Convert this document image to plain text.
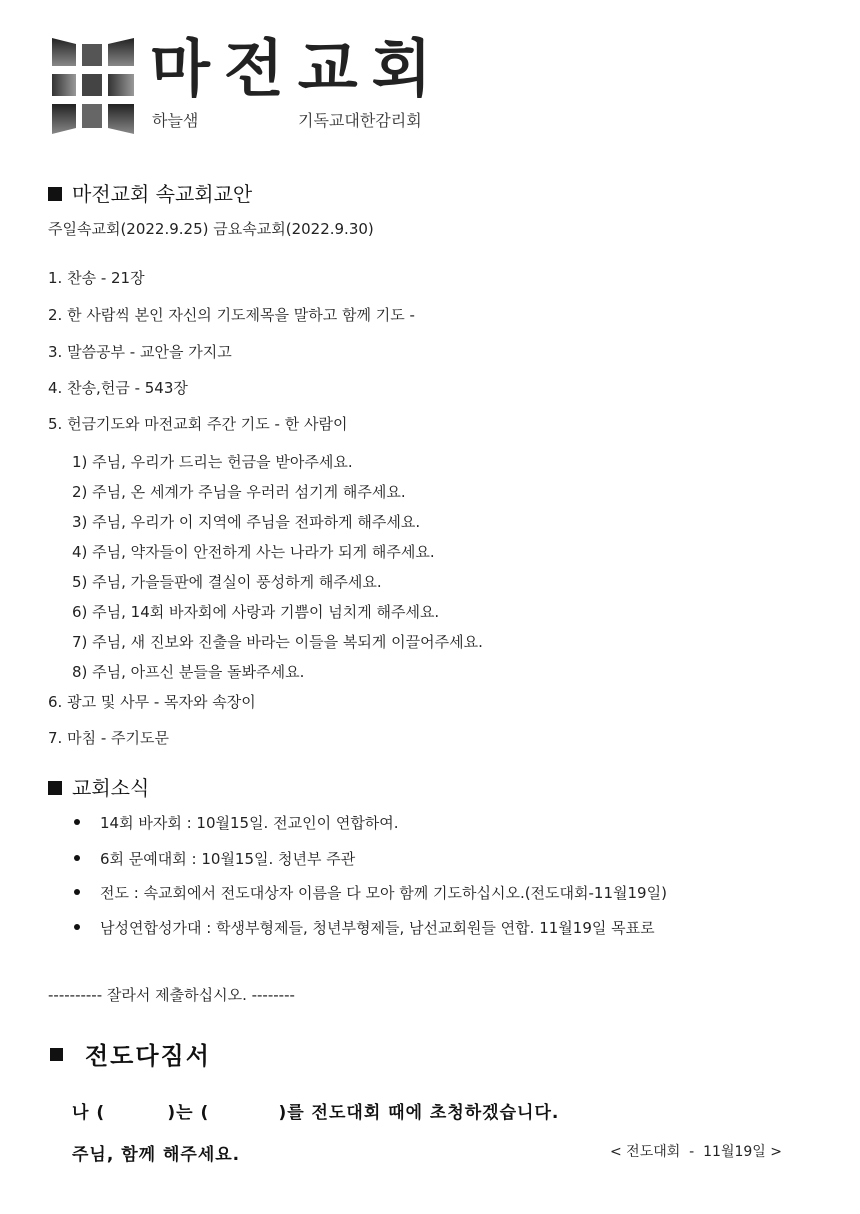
마전교회
하늘샘	기독교대한감리회
마전교회 속교회교안
주일속교회(2022.9.25) 금요속교회(2022.9.30)
1. 찬송 - 21장
2. 한 사람씩 본인 자신의 기도제목을 말하고 함께 기도 -
3. 말씀공부 - 교안을 가지고
4. 찬송,헌금 - 543장
5. 헌금기도와 마전교회 주간 기도 - 한 사람이
1) 주님, 우리가 드리는 헌금을 받아주세요.
2) 주님, 온 세계가 주님을 우러러 섬기게 해주세요.
3) 주님, 우리가 이 지역에 주님을 전파하게 해주세요.
4) 주님, 약자들이 안전하게 사는 나라가 되게 해주세요.
5) 주님, 가을들판에 결실이 풍성하게 해주세요.
6) 주님, 14회 바자회에 사랑과 기쁨이 넘치게 해주세요.
7) 주님, 새 진보와 진출을 바라는 이들을 복되게 이끌어주세요.
8) 주님, 아프신 분들을 돌봐주세요.
6. 광고 및 사무 - 목자와 속장이
7. 마침 - 주기도문
교회소식
14회 바자회 : 10월15일. 전교인이 연합하여.
6회 문예대회 : 10월15일. 청년부 주관
전도 : 속교회에서 전도대상자 이름을 다 모아 함께 기도하십시오.(전도대회-11월19일)
남성연합성가대 : 학생부형제들, 청년부형제들, 남선교회원들 연합. 11월19일 목표로
---------- 잘라서 제출하십시오. --------
전도다짐서
나 (         )는 (          )를 전도대회 때에 초청하겠습니다.
주님, 함께 해주세요.	< 전도대회  -  11월19일 >
